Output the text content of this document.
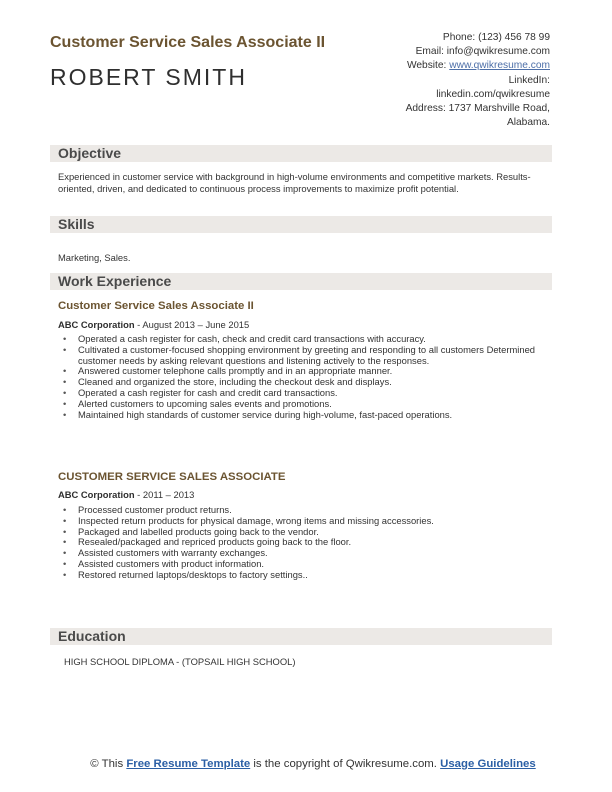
Customer Service Sales Associate II
ROBERT SMITH
Phone: (123) 456 78 99
Email: info@qwikresume.com
Website: www.qwikresume.com
LinkedIn:
linkedin.com/qwikresume
Address: 1737 Marshville Road,
Alabama.
Objective
Experienced in customer service with background in high-volume environments and competitive markets. Results-oriented, driven, and dedicated to continuous process improvements to maximize profit potential.
Skills
Marketing, Sales.
Work Experience
Customer Service Sales Associate II
ABC Corporation - August 2013 – June 2015
• Operated a cash register for cash, check and credit card transactions with accuracy.
• Cultivated a customer-focused shopping environment by greeting and responding to all customers Determined customer needs by asking relevant questions and listening actively to the responses.
• Answered customer telephone calls promptly and in an appropriate manner.
• Cleaned and organized the store, including the checkout desk and displays.
• Operated a cash register for cash and credit card transactions.
• Alerted customers to upcoming sales events and promotions.
• Maintained high standards of customer service during high-volume, fast-paced operations.
CUSTOMER SERVICE SALES ASSOCIATE
ABC Corporation - 2011 – 2013
• Processed customer product returns.
• Inspected return products for physical damage, wrong items and missing accessories.
• Packaged and labelled products going back to the vendor.
• Resealed/packaged and repriced products going back to the floor.
• Assisted customers with warranty exchanges.
• Assisted customers with product information.
• Restored returned laptops/desktops to factory settings..
Education
HIGH SCHOOL DIPLOMA - (TOPSAIL HIGH SCHOOL)
© This Free Resume Template is the copyright of Qwikresume.com. Usage Guidelines
